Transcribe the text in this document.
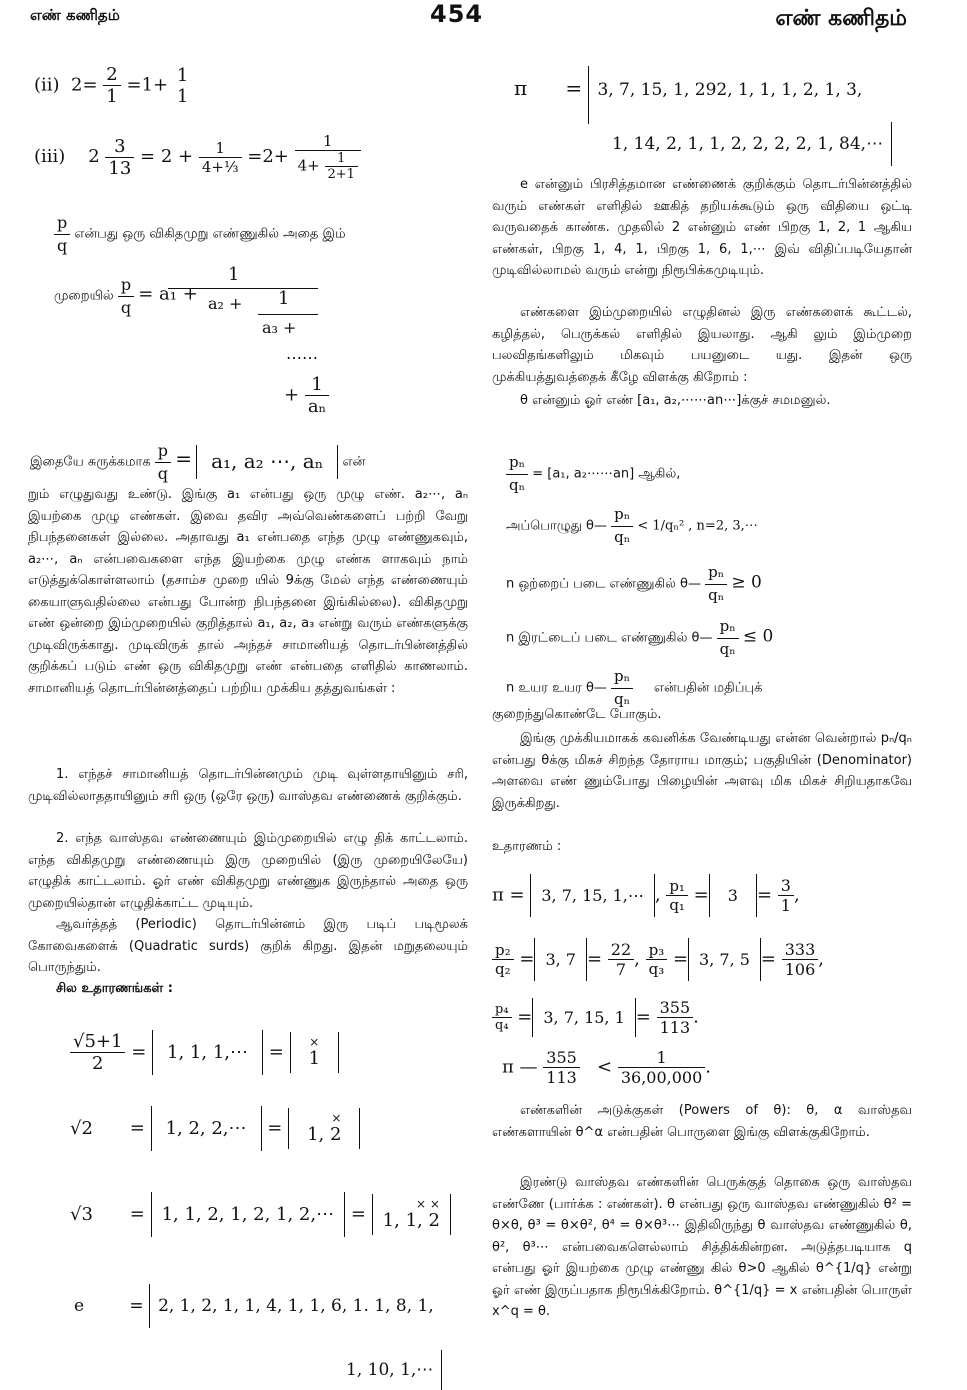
எண் கணிதம்	454	எண் கணிதம்
(ii) $2= \frac{2}{1} =1+ 1$
1
(iii) $2 \frac{3}{13} = 2 + \frac{1}{\text{4+⅓}} =2+ \frac{1}{4+ \frac{1}{2+1}}$
$\frac{p}{q}$ என்பது ஒரு விகிதமுறு எண்ணுகில் அதை இம்
முறையில் $\frac{p}{q} = a_1$ +
1
a₂ + 1
a₃ +
……
+ $\frac{1}{\text{aₙ}}$
இதையே சுருக்கமாக $\frac{p}{q} = a_1$, a₂ ⋯, aₙ என்
றும் எழுதுவது உண்டு. இங்கு a₁ என்பது ஒரு முழு எண். a₂⋯, aₙ இயற்கை முழு எண்கள். இவை தவிர அவ்வெண்களைப் பற்றி வேறு நிபந்தனைகள் இல்லை. அதாவது a₁ என்பதை எந்த முழு எண்ணுகவும், a₂⋯, aₙ என்பவைகளை எந்த இயற்கை முழு எண்க ளாகவும் நாம் எடுத்துக்கொள்ளலாம் (தசாம்ச முறை யில் 9க்கு மேல் எந்த எண்ணையும் கையாளுவதில்லை என்பது போன்ற நிபந்தனை இங்கில்லை). விகிதமுறு எண் ஒன்றை இம்முறையில் குறித்தால் a₁, a₂, a₃ என்று வரும் எண்களுக்கு முடிவிருக்காது. முடிவிருக் தால் அந்தச் சாமானியத் தொடர்பின்னத்தில் குறிக்கப் படும் எண் ஒரு விகிதமுறு எண் என்பதை எளிதில் காணலாம். சாமானியத் தொடர்பின்னத்தைப் பற்றிய முக்கிய தத்துவங்கள் :
1. எந்தச் சாமானியத் தொடர்பின்னமும் முடி வுள்ளதாயினும் சரி, முடிவில்லாததாயினும் சரி ஒரு (ஒரே ஒரு) வாஸ்தவ எண்ணைக் குறிக்கும்.
2. எந்த வாஸ்தவ எண்ணையும் இம்முறையில் எழு திக் காட்டலாம். எந்த விகிதமுறு எண்ணையும் இரு முறையில் (இரு முறையிலேயே) எழுதிக் காட்டலாம். ஓர் எண் விகிதமுறு எண்ணுக இருந்தால் அதை ஒரு முறையில்தான் எழுதிக்காட்ட முடியும்.
ஆவர்த்தத் (Periodic) தொடர்பின்னம் இரு படிப் படிமூலக் கோவைகளைக் (Quadratic surds) குறிக் கிறது. இதன் மறுதலையும் பொருந்தும்.
சில உதாரணங்கள் :
$\frac{√5+1}{2} = 1$, 1, 1,⋯ = ×
1
√2 = 1, 2, 2,⋯ =	×
1, 2
√3 = 1, 1, 2, 1, 2, 1, 2,⋯ =	× ×
1, 1, 2
e	= 2, 1, 2, 1, 1, 4, 1, 1, 6, 1. 1, 8, 1,
1, 10, 1,⋯
π = 3, 7, 15, 1, 292, 1, 1, 1, 2, 1, 3,
1, 14, 2, 1, 1, 2, 2, 2, 2, 1, 84,⋯
e என்னும் பிரசித்தமான எண்ணைக் குறிக்கும் தொடர்பின்னத்தில் வரும் எண்கள் எளிதில் ஊகித் தறியக்கூடும் ஒரு விதியை ஒட்டி வருவதைக் காண்க. முதலில் 2 என்னும் எண் பிறகு 1, 2, 1 ஆகிய எண்கள், பிறகு 1, 4, 1, பிறகு 1, 6, 1,⋯ இவ் விதிப்படியேதான் முடிவில்லாமல் வரும் என்று நிரூபிக்கமுடியும்.
எண்களை இம்முறையில் எழுதினல் இரு எண்களைக் கூட்டல், கழித்தல், பெருக்கல் எளிதில் இயலாது. ஆகி லும் இம்முறை பலவிதங்களிலும் மிகவும் பயனுடை யது. இதன் ஒரு முக்கியத்துவத்தைக் கீழே விளக்கு கிறோம் :
θ என்னும் ஓர் எண் [a₁, a₂,⋯⋯an⋯]க்குச் சமமனுல்.
$\frac{\text{pₙ}}{\text{qₙ}} = [a_1$, a₂⋯⋯an] ஆகில்,
அப்பொழுது θ— $\frac{\text{pₙ}}{\text{qₙ}} < 1/q_n^2$ , n=2, 3,⋯
n ஒற்றைப் படை எண்ணுகில் θ— $\frac{\text{pₙ}}{\text{qₙ}} \ge 0$
n இரட்டைப் படை எண்ணுகில் θ— $\frac{\text{pₙ}}{\text{qₙ}} \le 0$
n உயர உயர θ— $\frac{\text{pₙ}}{\text{qₙ}}$ என்பதின் மதிப்புக்
குறைந்துகொண்டே போகும்.
இங்கு முக்கியமாகக் கவனிக்க வேண்டியது என்ன வென்றால் pₙ/qₙ என்பது θக்கு மிகச் சிறந்த தோராய மாகும்; பகுதியின் (Denominator) அளவை எண் ணும்போது பிழையின் அளவு மிக மிகச் சிறியதாகவே இருக்கிறது.
உதாரணம் :
π = 3, 7, 15, 1,⋯ , $\frac{\text{p₁}}{\text{q₁}} = 3 = \frac{3}{1}$ ,
$\frac{\text{p₂}}{\text{q₂}} = 3$, $7 = \frac{22}{7}$ , $\frac{\text{p₃}}{\text{q₃}} = 3$, 7, $5 = \frac{333}{106}$ ,
$\frac{\text{p₄}}{\text{q₄}} = 3$, 7, 15, $1 = \frac{355}{113}$ .
π — $\frac{355}{113} < \frac{1}{36,00,000}$ .
எண்களின் அடுக்குகள் (Powers of θ): θ, α வாஸ்தவ எண்களாயின் θ^α என்பதின் பொருளை இங்கு விளக்குகிறோம்.
இரண்டு வாஸ்தவ எண்களின் பெருக்குத் தொகை ஒரு வாஸ்தவ எண்ணே (பார்க்க : எண்கள்). θ என்பது ஒரு வாஸ்தவ எண்ணுகில் θ² = θ×θ, θ³ = θ×θ², θ⁴ = θ×θ³⋯ இதிலிருந்து θ வாஸ்தவ எண்ணுகில் θ, θ², θ³⋯ என்பவைகளெல்லாம் சித்திக்கின்றன. அடுத்தபடியாக q என்பது ஓர் இயற்கை முழு எண்ணு கில் θ>0 ஆகில் θ^{1/q} என்று ஓர் எண் இருப்பதாக நிரூபிக்கிறோம். θ^{1/q} = x என்பதின் பொருள் x^q = θ.
